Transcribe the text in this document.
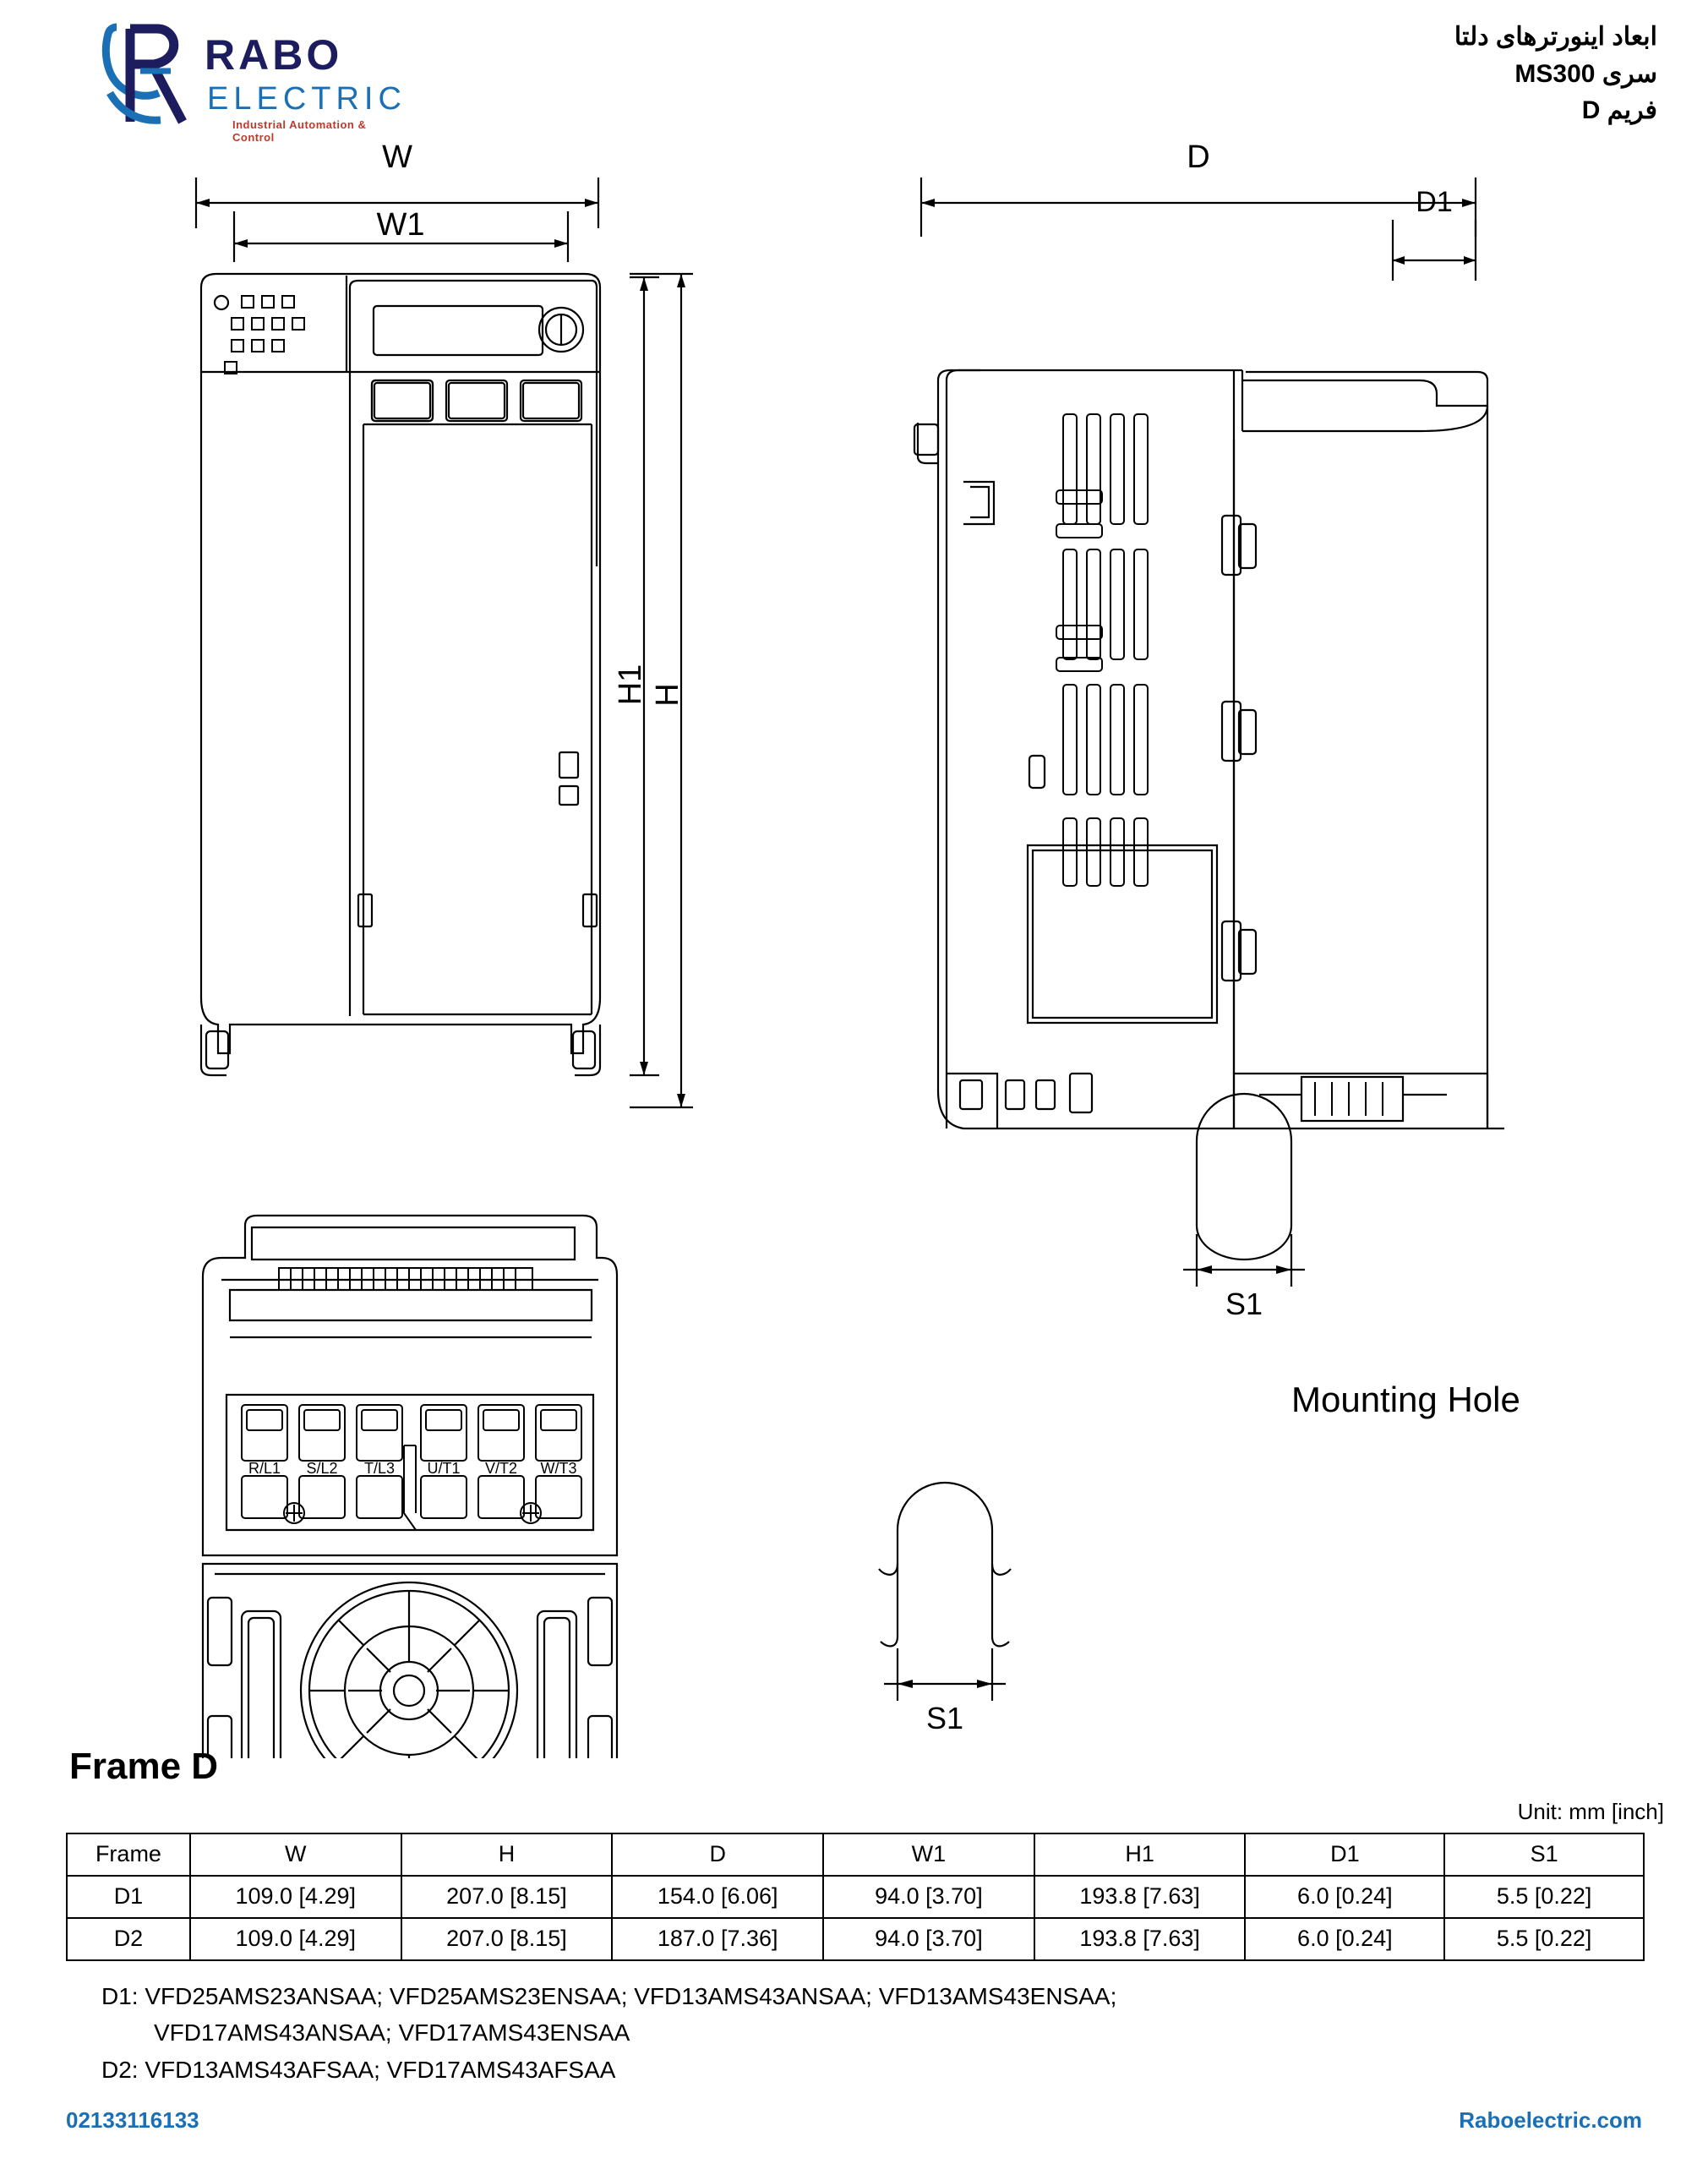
RABO
ELECTRIC
Industrial Automation & Control
ابعاد اینورترهای دلتا
سری MS300
فریم D
W
W1
H1 H
D
D1
S1
S1
Mounting Hole
R/L1 S/L2 T/L3 U/T1 V/T2 W/T3
Frame D
Unit: mm [inch]
Frame	W	H	D	W1	H1	D1	S1
D1	109.0 [4.29]	207.0 [8.15]	154.0 [6.06]	94.0 [3.70]	193.8 [7.63]	6.0 [0.24]	5.5 [0.22]
D2	109.0 [4.29]	207.0 [8.15]	187.0 [7.36]	94.0 [3.70]	193.8 [7.63]	6.0 [0.24]	5.5 [0.22]
D1: VFD25AMS23ANSAA; VFD25AMS23ENSAA; VFD13AMS43ANSAA; VFD13AMS43ENSAA;
VFD17AMS43ANSAA; VFD17AMS43ENSAA
D2: VFD13AMS43AFSAA; VFD17AMS43AFSAA
02133116133	Raboelectric.com
